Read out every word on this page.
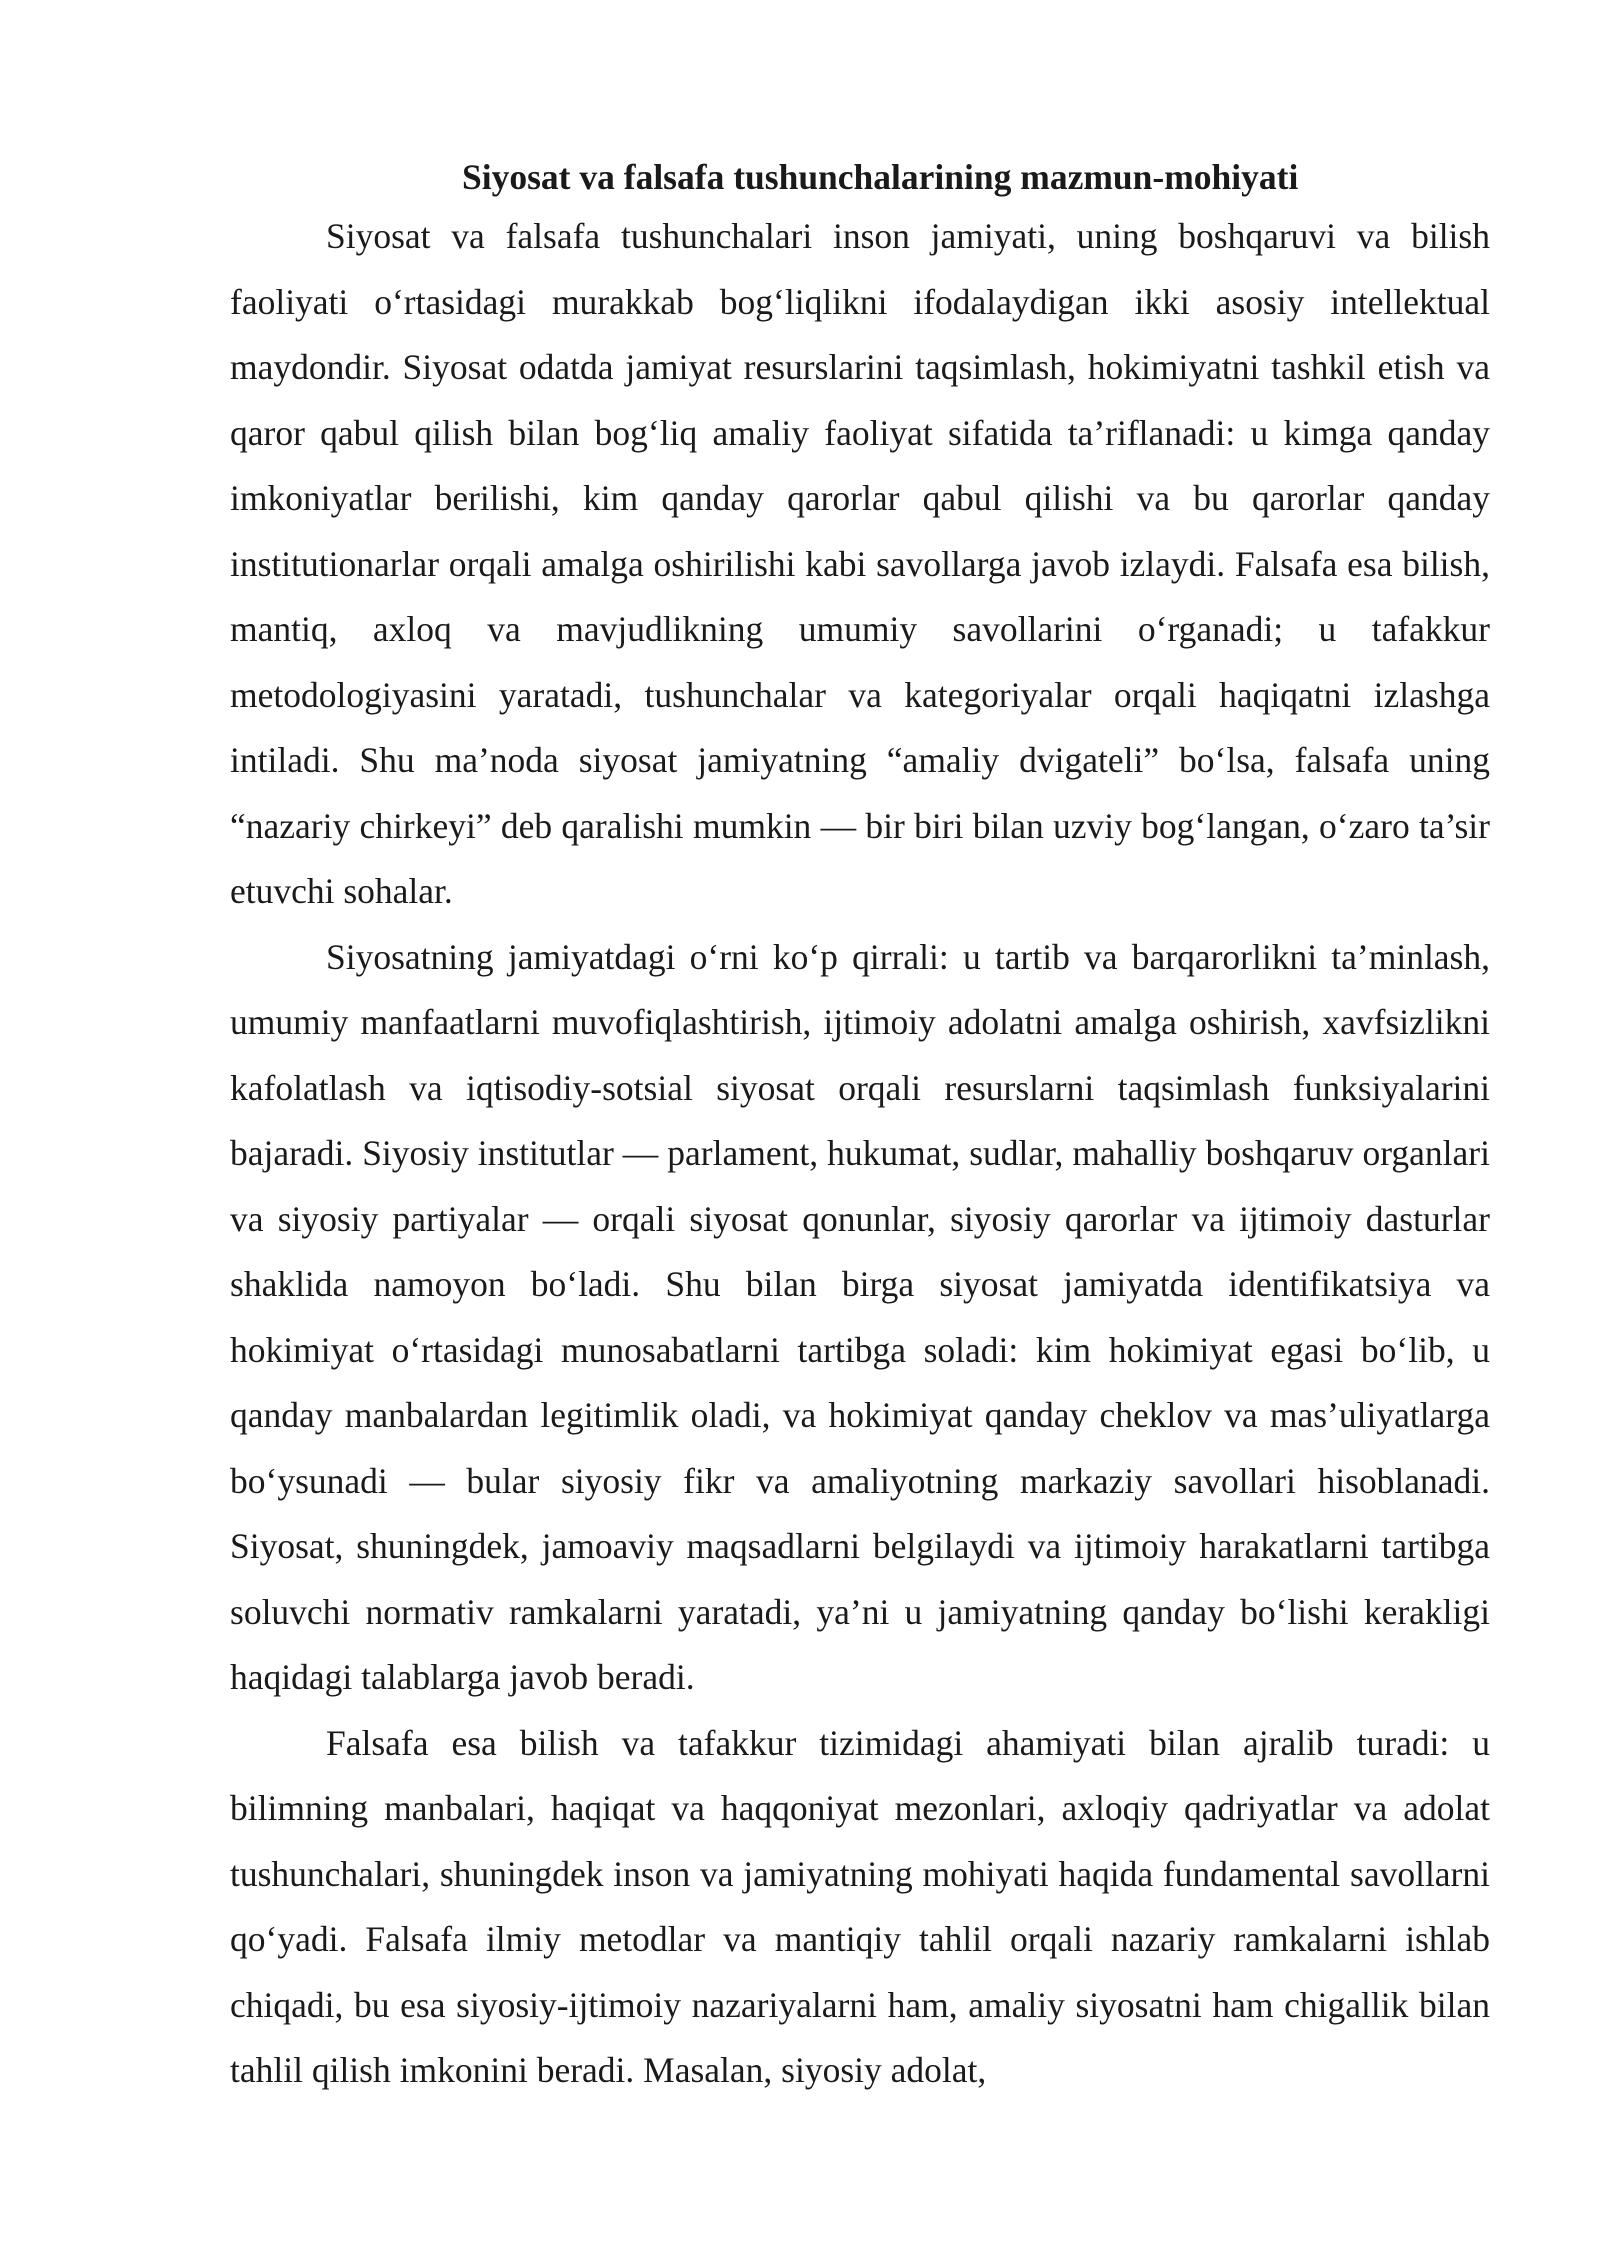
Siyosat va falsafa tushunchalarining mazmun-mohiyati

Siyosat va falsafa tushunchalari inson jamiyati, uning boshqaruvi va bilish faoliyati o‘rtasidagi murakkab bog‘liqlikni ifodalaydigan ikki asosiy intellektual maydondir. Siyosat odatda jamiyat resurslarini taqsimlash, hokimiyatni tashkil etish va qaror qabul qilish bilan bog‘liq amaliy faoliyat sifatida ta’riflanadi: u kimga qanday imkoniyatlar berilishi, kim qanday qarorlar qabul qilishi va bu qarorlar qanday institutionarlar orqali amalga oshirilishi kabi savollarga javob izlaydi. Falsafa esa bilish, mantiq, axloq va mavjudlikning umumiy savollarini o‘rganadi; u tafakkur metodologiyasini yaratadi, tushunchalar va kategoriyalar orqali haqiqatni izlashga intiladi. Shu ma’noda siyosat jamiyatning “amaliy dvigateli” bo‘lsa, falsafa uning “nazariy chirkeyi” deb qaralishi mumkin — bir biri bilan uzviy bog‘langan, o‘zaro ta’sir etuvchi sohalar.

Siyosatning jamiyatdagi o‘rni ko‘p qirrali: u tartib va barqarorlikni ta’minlash, umumiy manfaatlarni muvofiqlashtirish, ijtimoiy adolatni amalga oshirish, xavfsizlikni kafolatlash va iqtisodiy-sotsial siyosat orqali resurslarni taqsimlash funksiyalarini bajaradi. Siyosiy institutlar — parlament, hukumat, sudlar, mahalliy boshqaruv organlari va siyosiy partiyalar — orqali siyosat qonunlar, siyosiy qarorlar va ijtimoiy dasturlar shaklida namoyon bo‘ladi. Shu bilan birga siyosat jamiyatda identifikatsiya va hokimiyat o‘rtasidagi munosabatlarni tartibga soladi: kim hokimiyat egasi bo‘lib, u qanday manbalardan legitimlik oladi, va hokimiyat qanday cheklov va mas’uliyatlarga bo‘ysunadi — bular siyosiy fikr va amaliyotning markaziy savollari hisoblanadi. Siyosat, shuningdek, jamoaviy maqsadlarni belgilaydi va ijtimoiy harakatlarni tartibga soluvchi normativ ramkalarni yaratadi, ya’ni u jamiyatning qanday bo‘lishi kerakligi haqidagi talablarga javob beradi.

Falsafa esa bilish va tafakkur tizimidagi ahamiyati bilan ajralib turadi: u bilimning manbalari, haqiqat va haqqoniyat mezonlari, axloqiy qadriyatlar va adolat tushunchalari, shuningdek inson va jamiyatning mohiyati haqida fundamental savollarni qo‘yadi. Falsafa ilmiy metodlar va mantiqiy tahlil orqali nazariy ramkalarni ishlab chiqadi, bu esa siyosiy-ijtimoiy nazariyalarni ham, amaliy siyosatni ham chigallik bilan tahlil qilish imkonini beradi. Masalan, siyosiy adolat,
